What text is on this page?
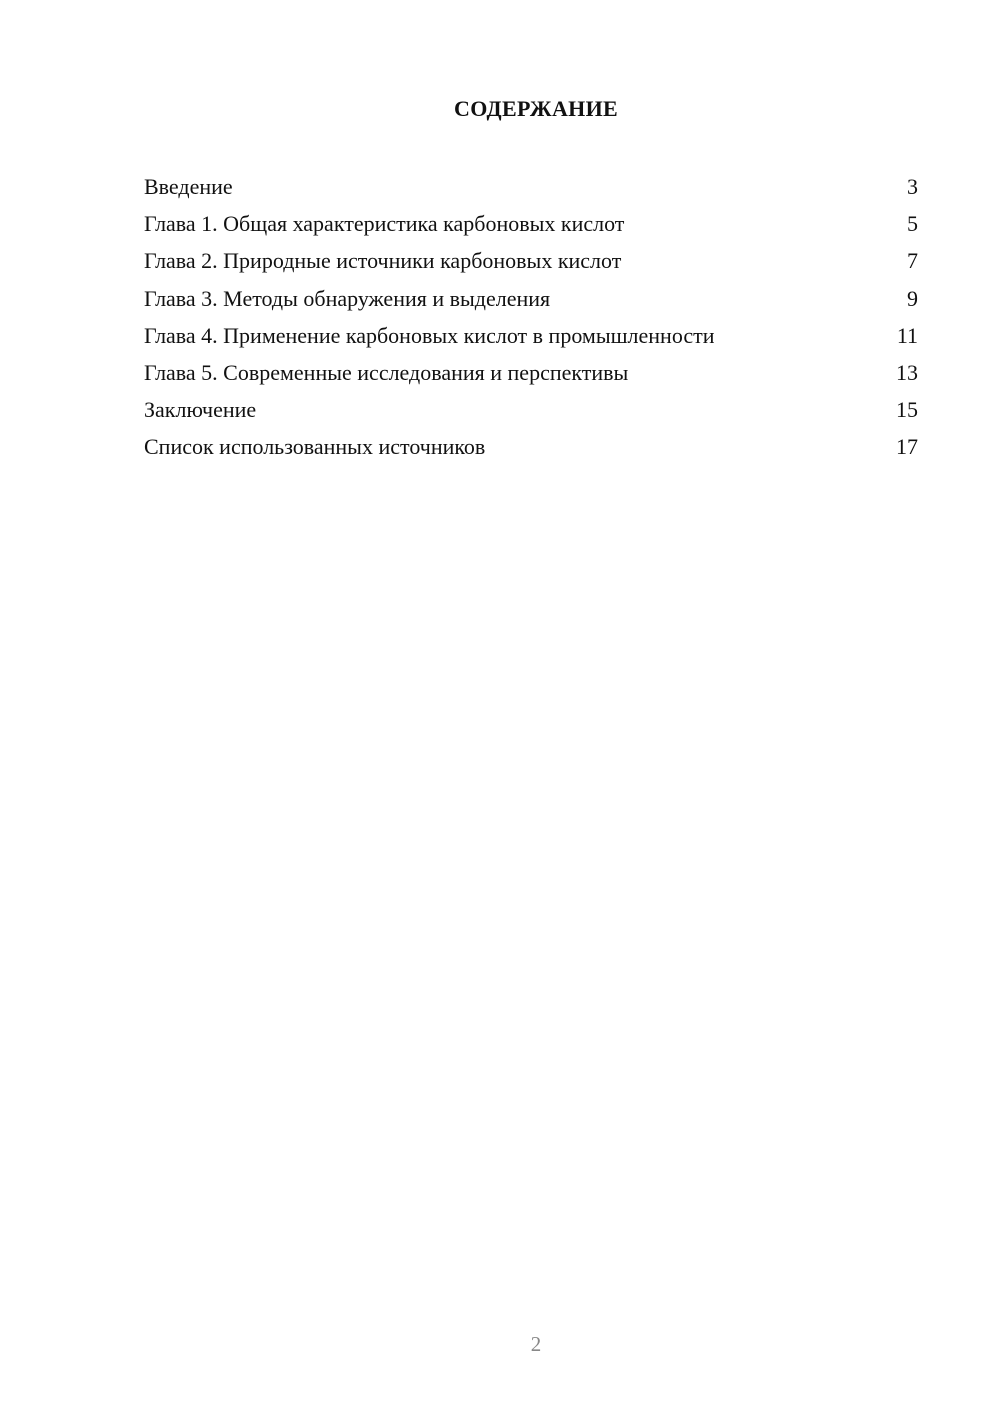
СОДЕРЖАНИЕ
Введение	3
Глава 1. Общая характеристика карбоновых кислот	5
Глава 2. Природные источники карбоновых кислот	7
Глава 3. Методы обнаружения и выделения	9
Глава 4. Применение карбоновых кислот в промышленности	11
Глава 5. Современные исследования и перспективы	13
Заключение	15
Список использованных источников	17
2
